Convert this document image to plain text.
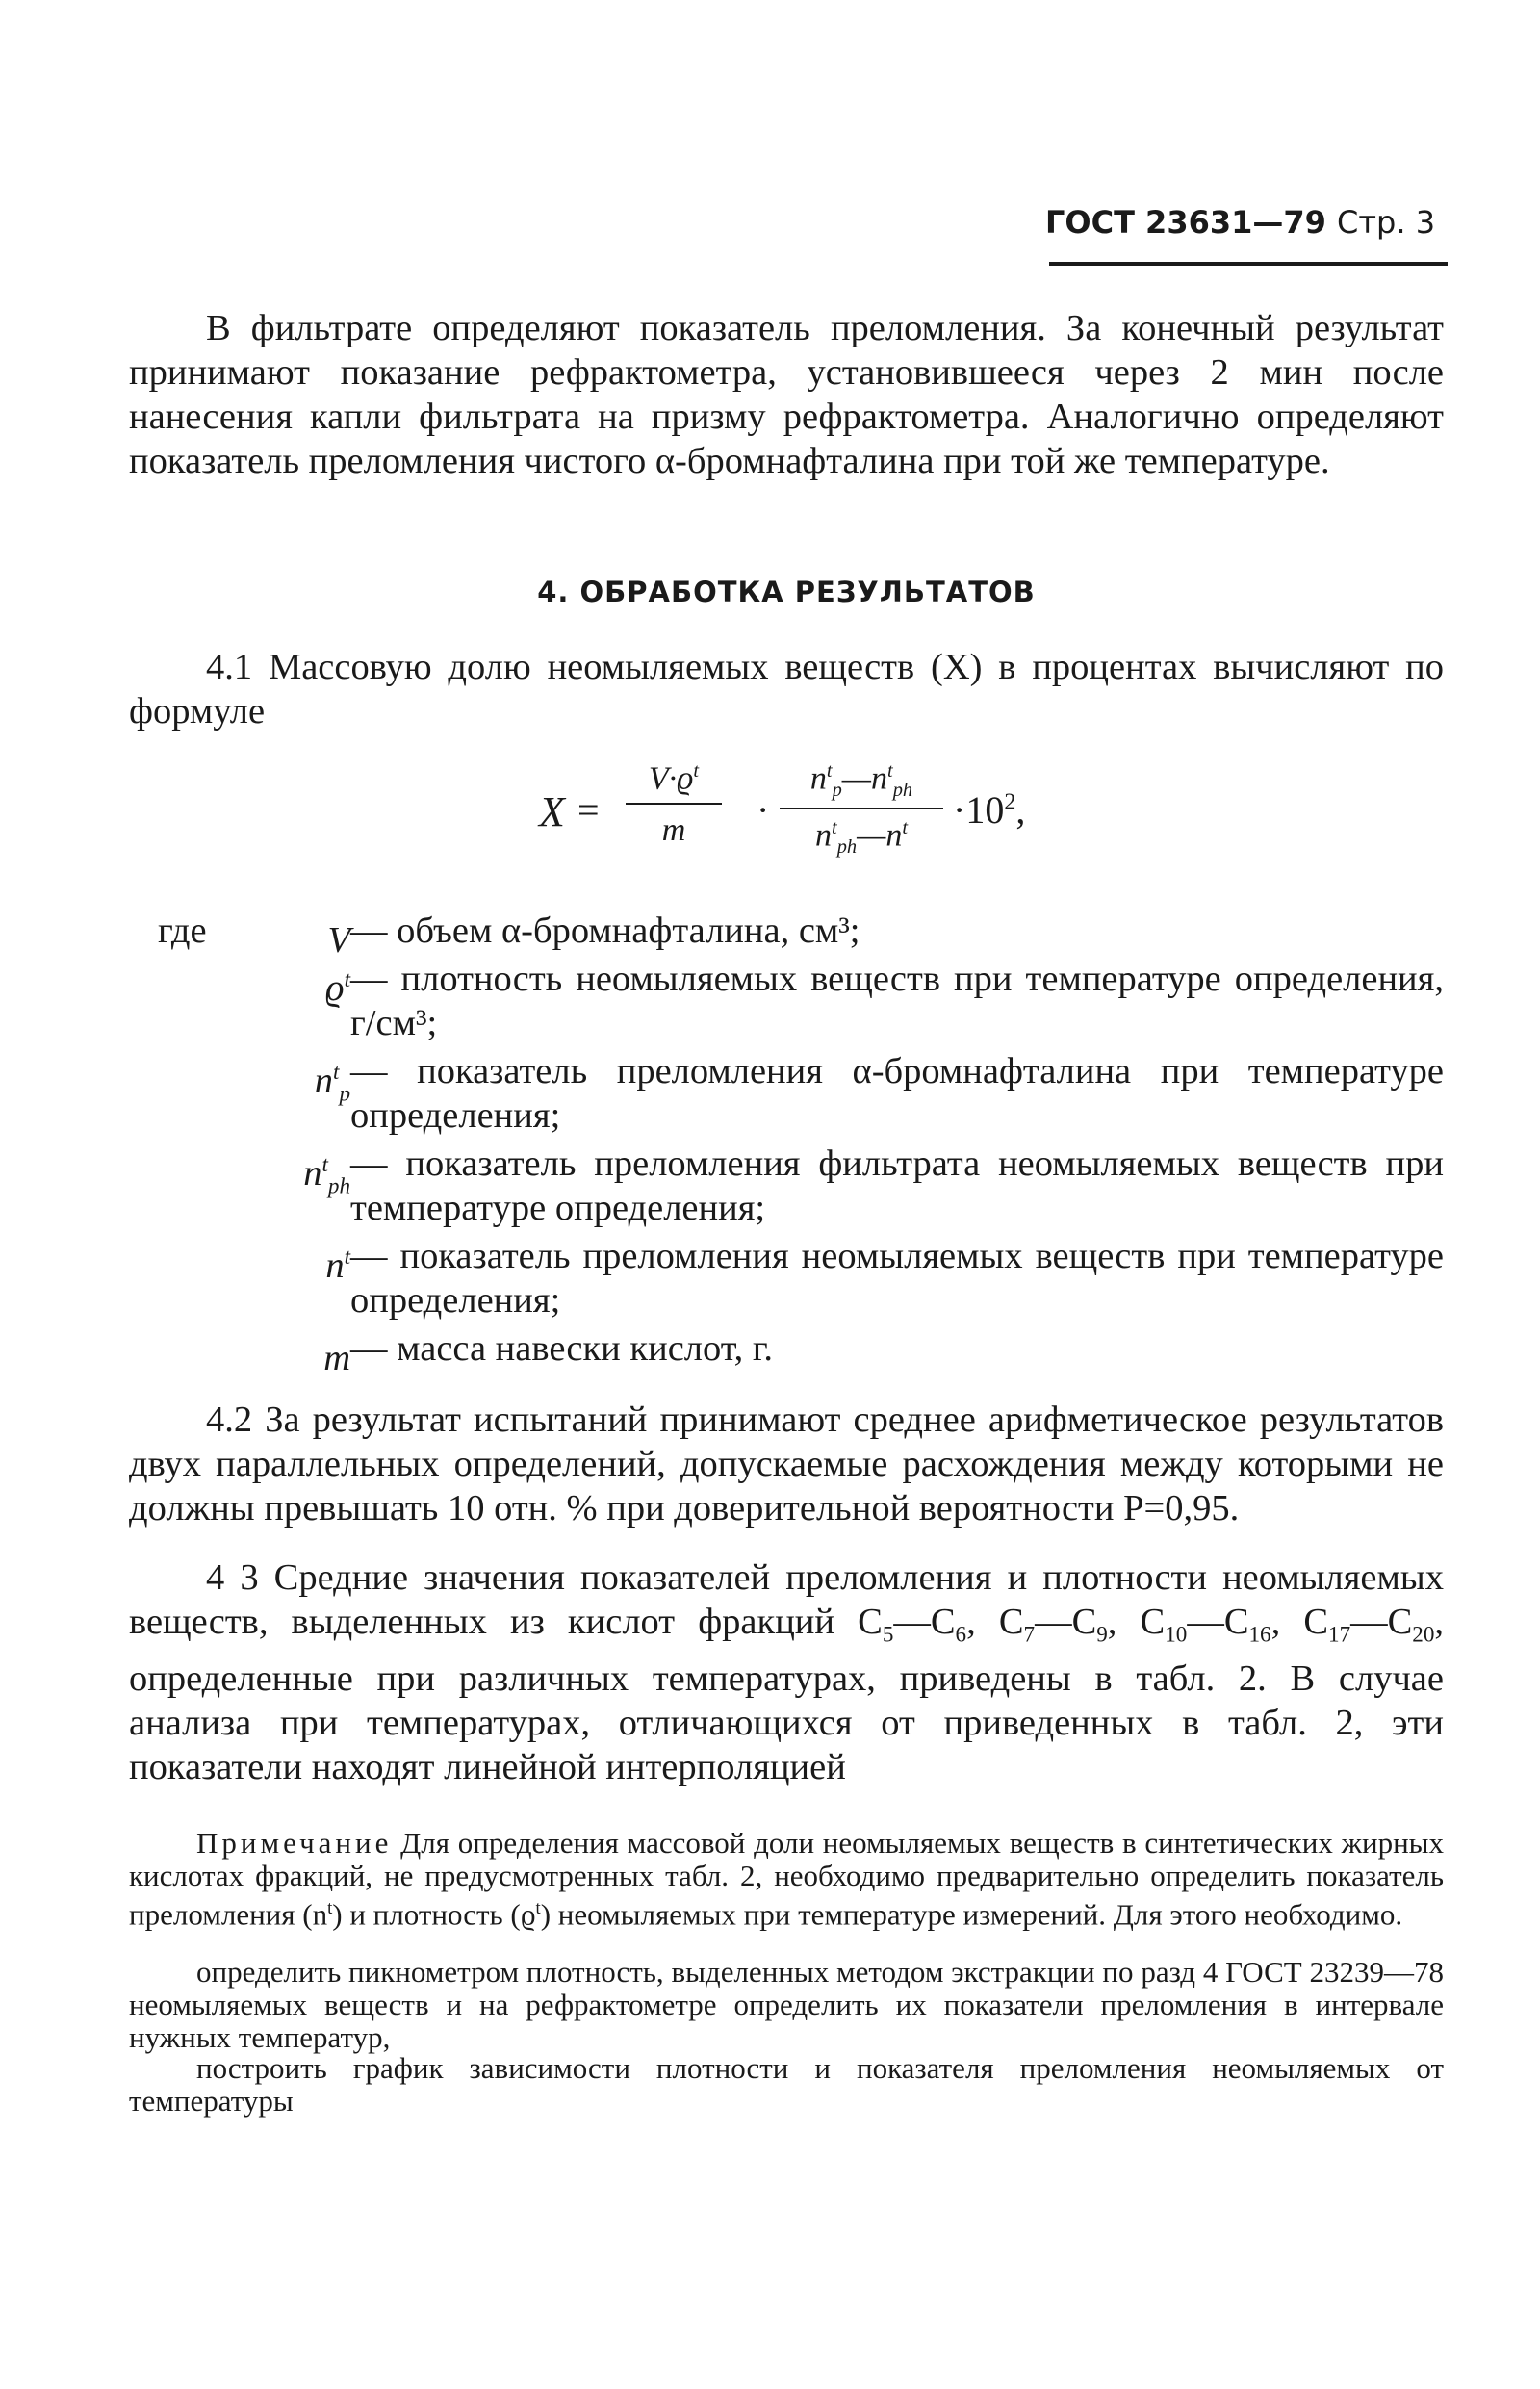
ГОСТ 23631—79 Стр. 3
В фильтрате определяют показатель преломления. За конечный результат принимают показание рефрактометра, установившееся через 2 мин после нанесения капли фильтрата на призму рефрактометра. Аналогично определяют показатель преломления чистого α-бромнафталина при той же температуре.
4. ОБРАБОТКА РЕЗУЛЬТАТОВ
4.1 Массовую долю неомыляемых веществ (X) в процентах вычисляют по формуле
X =
$V\cdot ϱ^t$
m	·
$n^t_p—n^t_{ph}$
$n^t_{ph}—n^t$	$\cdot 10^2$,
где	V — объем α-бромнафталина, см³;
$ϱ^t$ — плотность неомыляемых веществ при температуре определения, г/см³;
$n^t_p$
— показатель преломления α-бромнафталина при температуре определения;
$n^t_{ph}$
— показатель преломления фильтрата неомыляемых веществ при температуре определения;
$n^t$ — показатель преломления неомыляемых веществ при температуре определения;
m — масса навески кислот, г.
4.2 За результат испытаний принимают среднее арифметическое результатов двух параллельных определений, допускаемые расхождения между которыми не должны превышать 10 отн. % при доверительной вероятности P=0,95.
4 3 Средние значения показателей преломления и плотности неомыляемых веществ, выделенных из кислот фракций $C_5—C_6$, $C_7—C_9$, $C_{10}—C_{16}$, $C_{17}—C_{20}$, определенные при различных температурах, приведены в табл. 2. В случае анализа при температурах, отличающихся от приведенных в табл. 2, эти показатели находят линейной интерполяцией
Примечание Для определения массовой доли неомыляемых веществ в синтетических жирных кислотах фракций, не предусмотренных табл. 2, необходимо предварительно определить показатель преломления $(n^t)$ и плотность $(ϱ^t)$ неомыляемых при температуре измерений. Для этого необходимо.
определить пикнометром плотность, выделенных методом экстракции по разд 4 ГОСТ 23239—78 неомыляемых веществ и на рефрактометре определить их показатели преломления в интервале нужных температур,
построить график зависимости плотности и показателя преломления неомыляемых от температуры
